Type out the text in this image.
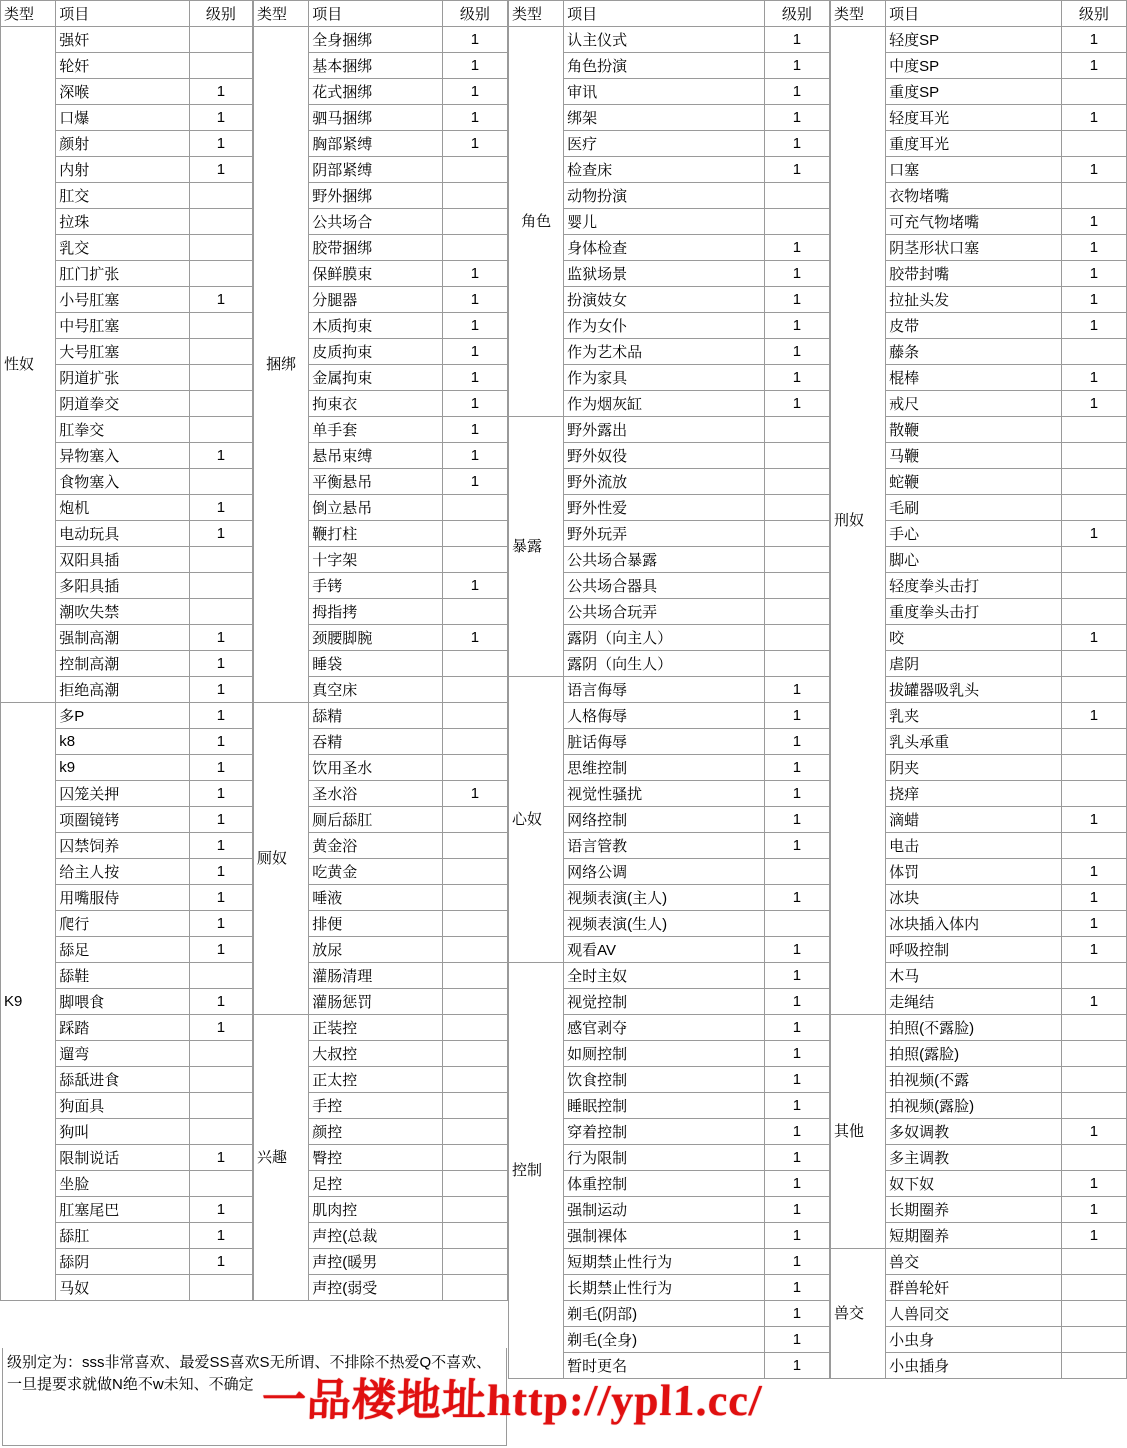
类型	项目	级别
性奴	强奸	
	轮奸	
	深喉	1
	口爆	1
	颜射	1
	内射	1
	肛交	
	拉珠	
	乳交	
	肛门扩张	
	小号肛塞	1
	中号肛塞	
	大号肛塞	
	阴道扩张	
	阴道拳交	
	肛拳交	
	异物塞入	1
	食物塞入	
	炮机	1
	电动玩具	1
	双阳具插	
	多阳具插	
	潮吹失禁	
	强制高潮	1
	控制高潮	1
	拒绝高潮	1
K9	多P	1
	k8	1
	k9	1
	囚笼关押	1
	项圈镜铐	1
	囚禁饲养	1
	给主人按	1
	用嘴服侍	1
	爬行	1
	舔足	1
	舔鞋	
	脚喂食	1
	踩踏	1
	遛弯	
	舔舐进食	
	狗面具	
	狗叫	
	限制说话	1
	坐脸	
	肛塞尾巴	1
	舔肛	1
	舔阴	1
	马奴	
类型	项目	级别
捆绑	全身捆绑	1
	基本捆绑	1
	花式捆绑	1
	驷马捆绑	1
	胸部紧缚	1
	阴部紧缚	
	野外捆绑	
	公共场合	
	胶带捆绑	
	保鲜膜束	1
	分腿器	1
	木质拘束	1
	皮质拘束	1
	金属拘束	1
	拘束衣	1
	单手套	1
	悬吊束缚	1
	平衡悬吊	1
	倒立悬吊	
	鞭打柱	
	十字架	
	手铐	1
	拇指拷	
	颈腰脚腕	1
	睡袋	
	真空床	
厕奴	舔精	
	吞精	
	饮用圣水	
	圣水浴	1
	厕后舔肛	
	黄金浴	
	吃黄金	
	唾液	
	排便	
	放尿	
	灌肠清理	
	灌肠惩罚	
兴趣	正装控	
	大叔控	
	正太控	
	手控	
	颜控	
	臀控	
	足控	
	肌肉控	
	声控(总裁	
	声控(暖男	
	声控(弱受	
类型	项目	级别
角色	认主仪式	1
	角色扮演	1
	审讯	1
	绑架	1
	医疗	1
	检查床	1
	动物扮演	
	婴儿	
	身体检查	1
	监狱场景	1
	扮演妓女	1
	作为女仆	1
	作为艺术品	1
	作为家具	1
	作为烟灰缸	1
暴露	野外露出	
	野外奴役	
	野外流放	
	野外性爱	
	野外玩弄	
	公共场合暴露	
	公共场合器具	
	公共场合玩弄	
	露阴（向主人）	
	露阴（向生人）	
心奴	语言侮辱	1
	人格侮辱	1
	脏话侮辱	1
	思维控制	1
	视觉性骚扰	1
	网络控制	1
	语言管教	1
	网络公调	
	视频表演(主人)	1
	视频表演(生人)	
	观看AV	1
控制	全时主奴	1
	视觉控制	1
	感官剥夺	1
	如厕控制	1
	饮食控制	1
	睡眠控制	1
	穿着控制	1
	行为限制	1
	体重控制	1
	强制运动	1
	强制裸体	1
	短期禁止性行为	1
	长期禁止性行为	1
	剃毛(阴部)	1
	剃毛(全身)	1
	暂时更名	1
类型	项目	级别
刑奴	轻度SP	1
	中度SP	1
	重度SP	
	轻度耳光	1
	重度耳光	
	口塞	1
	衣物堵嘴	
	可充气物堵嘴	1
	阴茎形状口塞	1
	胶带封嘴	1
	拉扯头发	1
	皮带	1
	藤条	
	棍棒	1
	戒尺	1
	散鞭	
	马鞭	
	蛇鞭	
	毛刷	
	手心	1
	脚心	
	轻度拳头击打	
	重度拳头击打	
	咬	1
	虐阴	
	拔罐器吸乳头	
	乳夹	1
	乳头承重	
	阴夹	
	挠痒	
	滴蜡	1
	电击	
	体罚	1
	冰块	1
	冰块插入体内	1
	呼吸控制	1
	木马	
	走绳结	1
其他	拍照(不露脸)	
	拍照(露脸)	
	拍视频(不露	
	拍视频(露脸)	
	多奴调教	1
	多主调教	
	奴下奴	1
	长期圈养	1
	短期圈养	1
兽交	兽交	
	群兽轮奸	
	人兽同交	
	小虫身	
	小虫插身	
级别定为：sss非常喜欢、最爱SS喜欢S无所谓、不排除不热爱Q不喜欢、一旦提要求就做N绝不w未知、不确定 一品楼地址http://ypl1.cc/
